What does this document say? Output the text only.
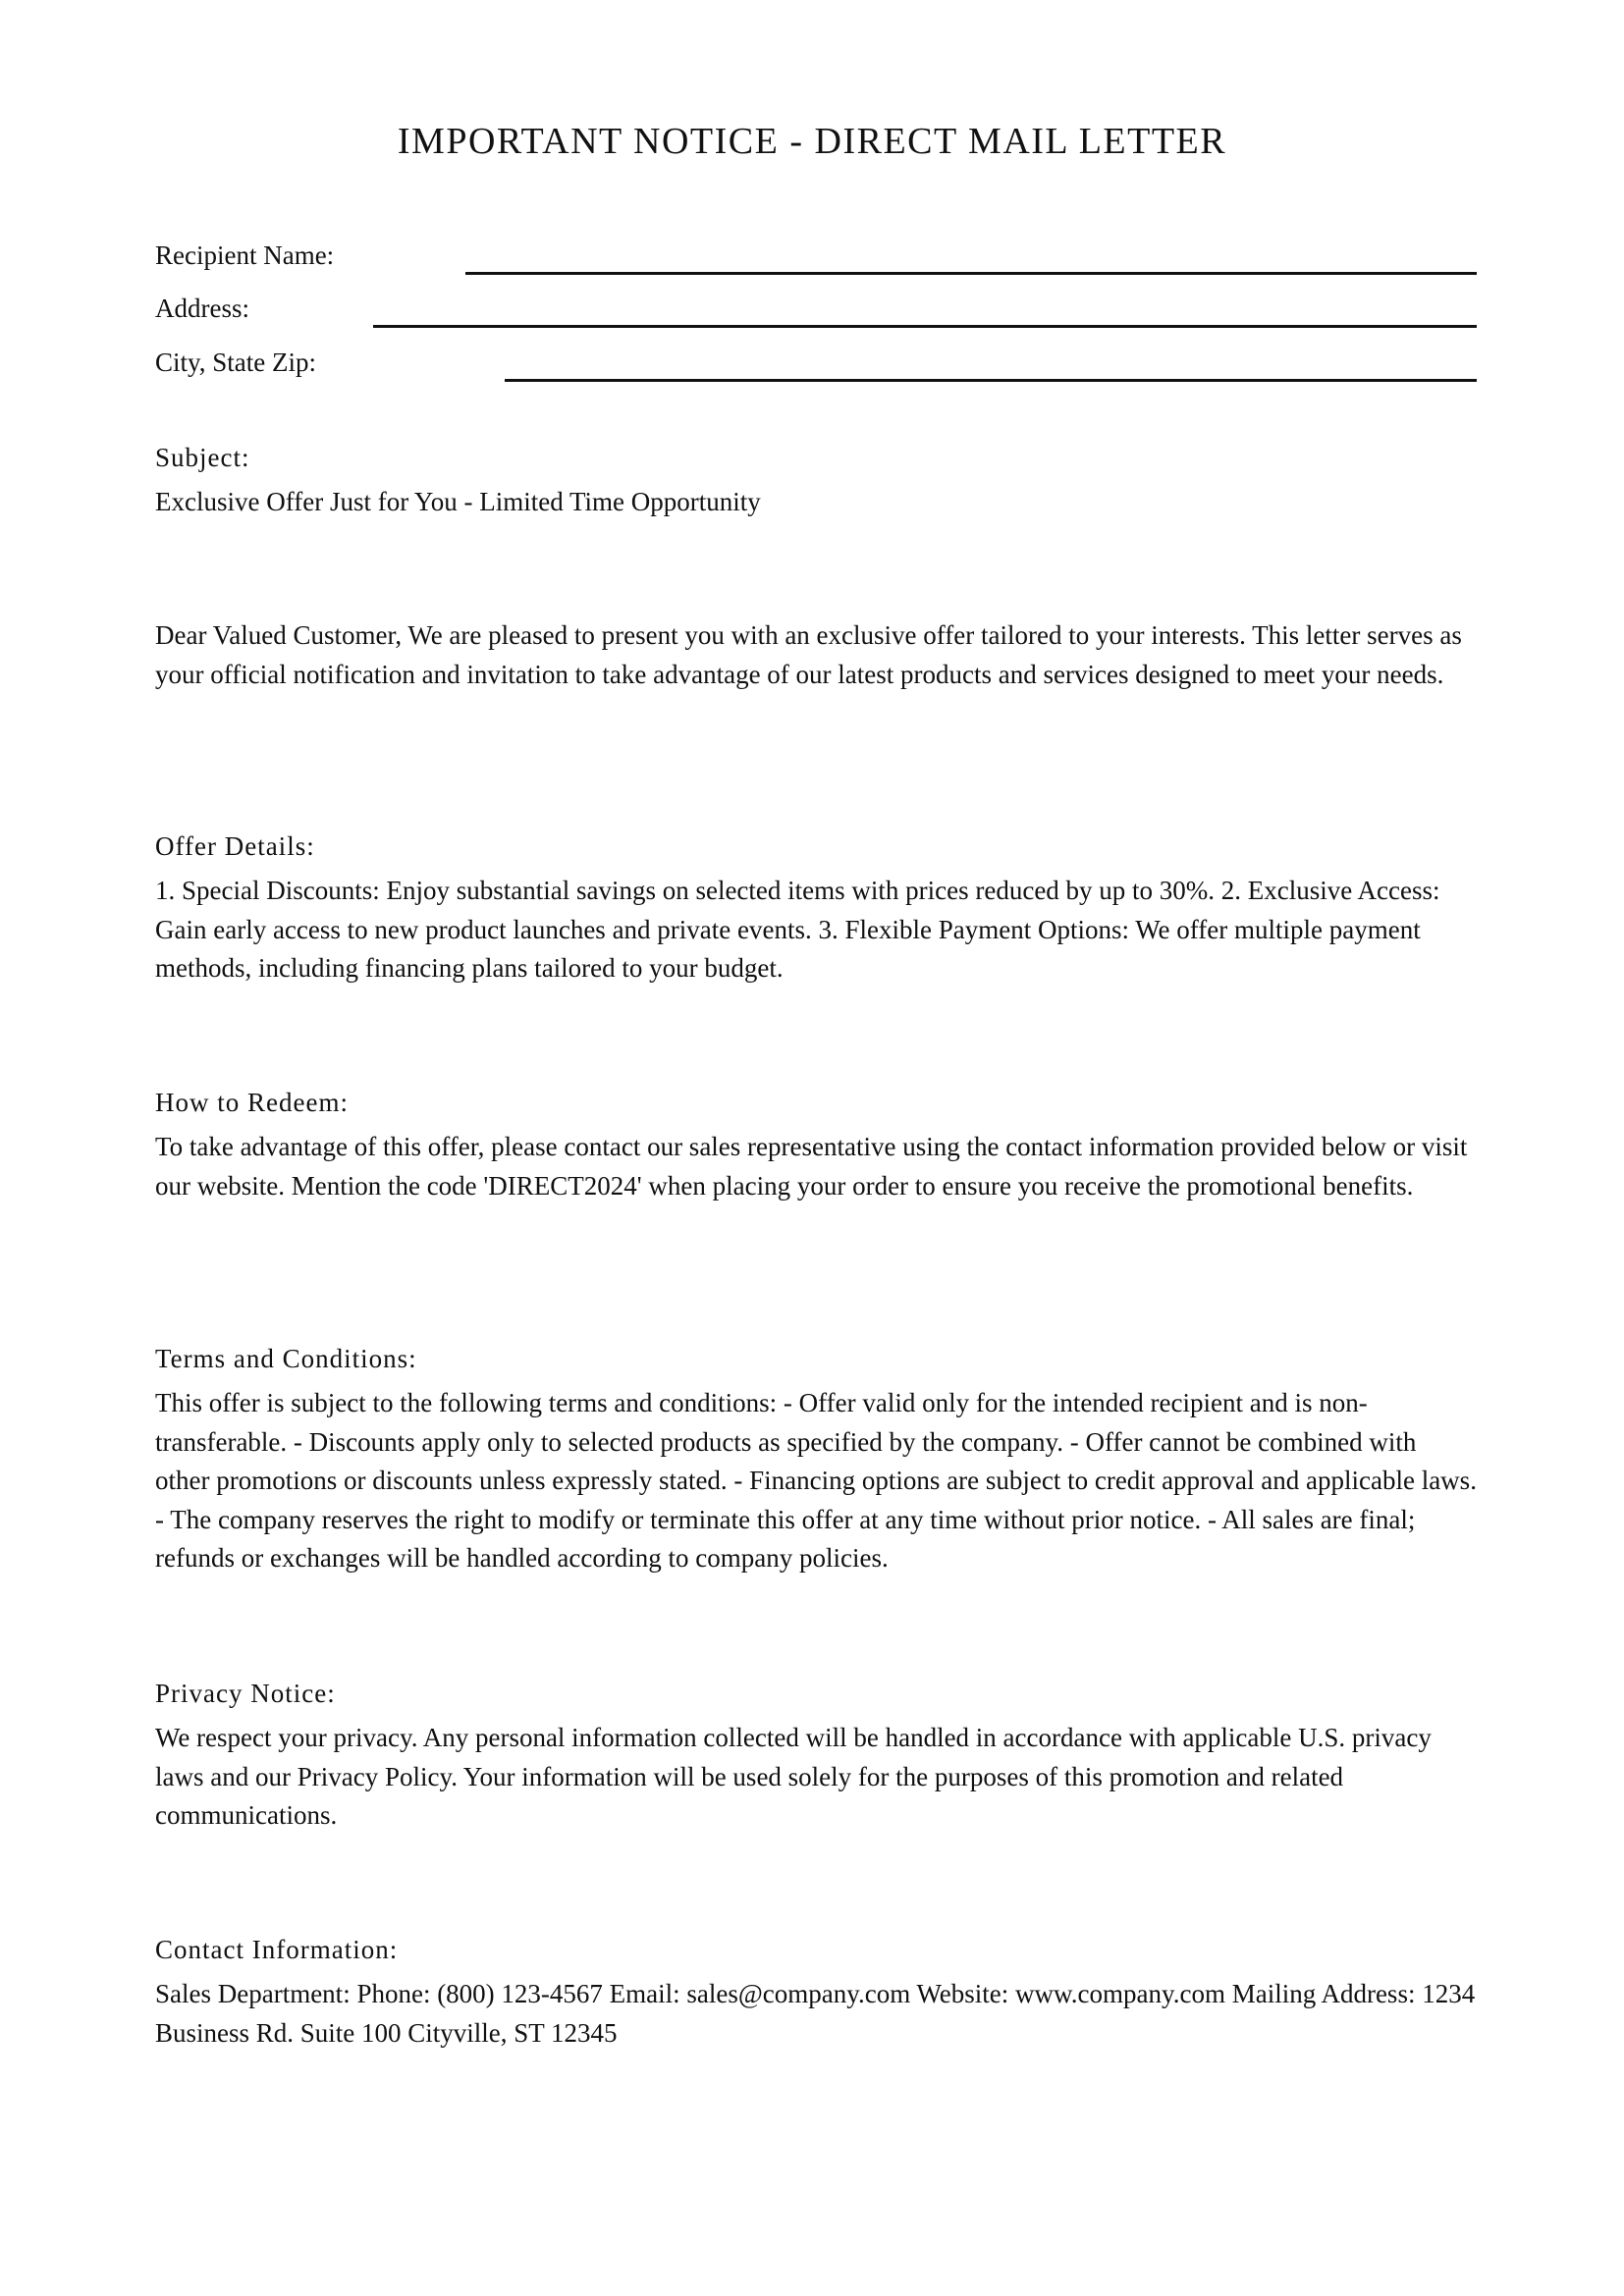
IMPORTANT NOTICE - DIRECT MAIL LETTER
Recipient Name:
Address:
City, State Zip:

Subject:

Exclusive Offer Just for You - Limited Time Opportunity

Dear Valued Customer, We are pleased to present you with an exclusive offer tailored to your interests. This letter serves as your official notification and invitation to take advantage of our latest products and services designed to meet your needs.

Offer Details:

1. Special Discounts: Enjoy substantial savings on selected items with prices reduced by up to 30%. 2. Exclusive Access: Gain early access to new product launches and private events. 3. Flexible Payment Options: We offer multiple payment methods, including financing plans tailored to your budget.

How to Redeem:

To take advantage of this offer, please contact our sales representative using the contact information provided below or visit our website. Mention the code 'DIRECT2024' when placing your order to ensure you receive the promotional benefits.

Terms and Conditions:

This offer is subject to the following terms and conditions: - Offer valid only for the intended recipient and is non-transferable. - Discounts apply only to selected products as specified by the company. - Offer cannot be combined with other promotions or discounts unless expressly stated. - Financing options are subject to credit approval and applicable laws. - The company reserves the right to modify or terminate this offer at any time without prior notice. - All sales are final; refunds or exchanges will be handled according to company policies.

Privacy Notice:

We respect your privacy. Any personal information collected will be handled in accordance with applicable U.S. privacy laws and our Privacy Policy. Your information will be used solely for the purposes of this promotion and related communications.

Contact Information:

Sales Department: Phone: (800) 123-4567 Email: sales@company.com Website: www.company.com Mailing Address: 1234 Business Rd. Suite 100 Cityville, ST 12345
